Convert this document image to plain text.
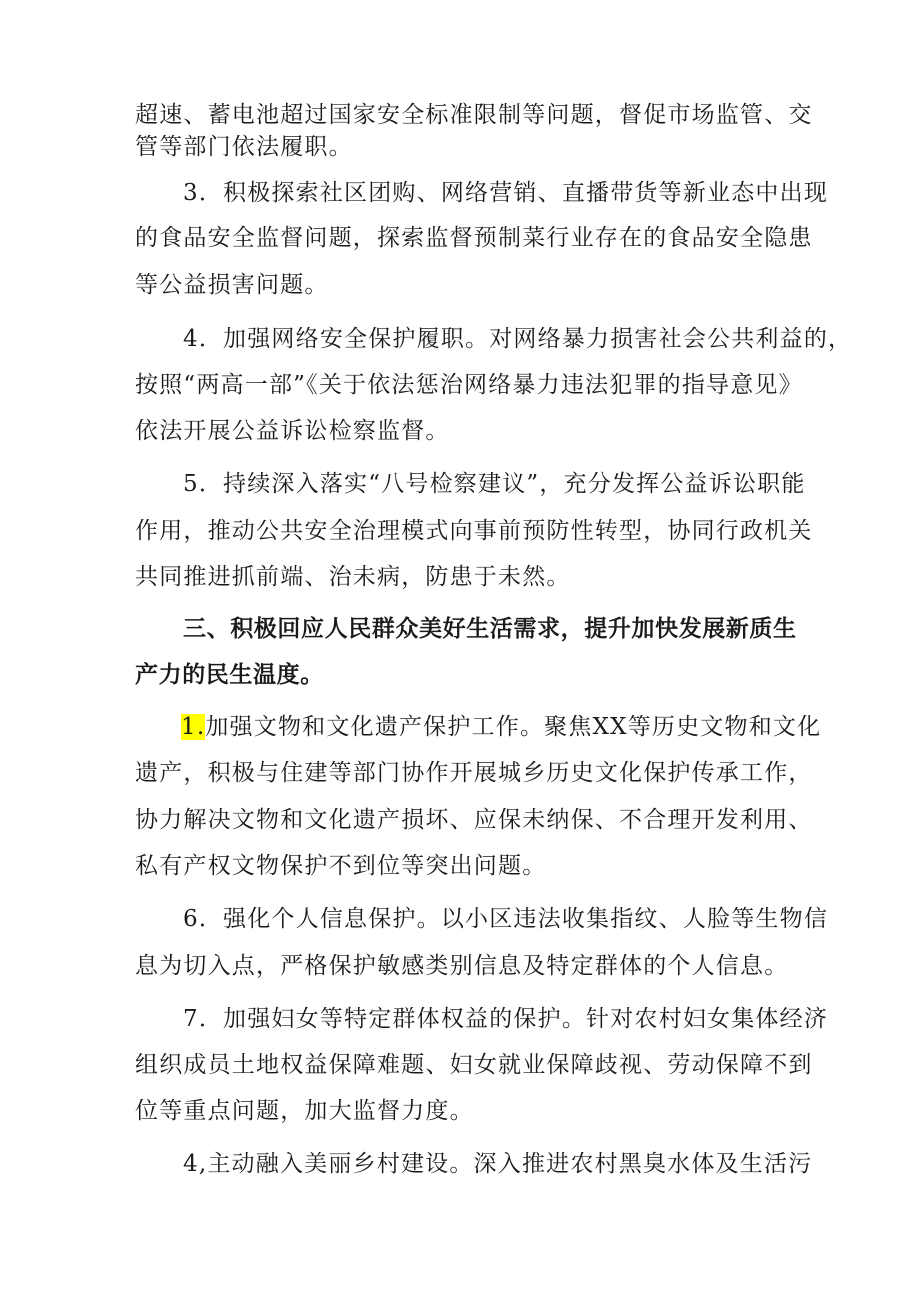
超速、蓄电池超过国家安全标准限制等问题，督促市场监管、交
管等部门依法履职。
3．积极探索社区团购、网络营销、直播带货等新业态中出现
的食品安全监督问题，探索监督预制菜行业存在的食品安全隐患
等公益损害问题。
4．加强网络安全保护履职。对网络暴力损害社会公共利益的，
按照“两高一部”《关于依法惩治网络暴力违法犯罪的指导意见》
依法开展公益诉讼检察监督。
5．持续深入落实“八号检察建议”，充分发挥公益诉讼职能
作用，推动公共安全治理模式向事前预防性转型，协同行政机关
共同推进抓前端、治未病，防患于未然。
三、积极回应人民群众美好生活需求，提升加快发展新质生
产力的民生温度。
1.加强文物和文化遗产保护工作。聚焦XX等历史文物和文化
遗产，积极与住建等部门协作开展城乡历史文化保护传承工作，
协力解决文物和文化遗产损坏、应保未纳保、不合理开发利用、
私有产权文物保护不到位等突出问题。
6．强化个人信息保护。以小区违法收集指纹、人脸等生物信
息为切入点，严格保护敏感类别信息及特定群体的个人信息。
7．加强妇女等特定群体权益的保护。针对农村妇女集体经济
组织成员土地权益保障难题、妇女就业保障歧视、劳动保障不到
位等重点问题，加大监督力度。
4,主动融入美丽乡村建设。深入推进农村黑臭水体及生活污
